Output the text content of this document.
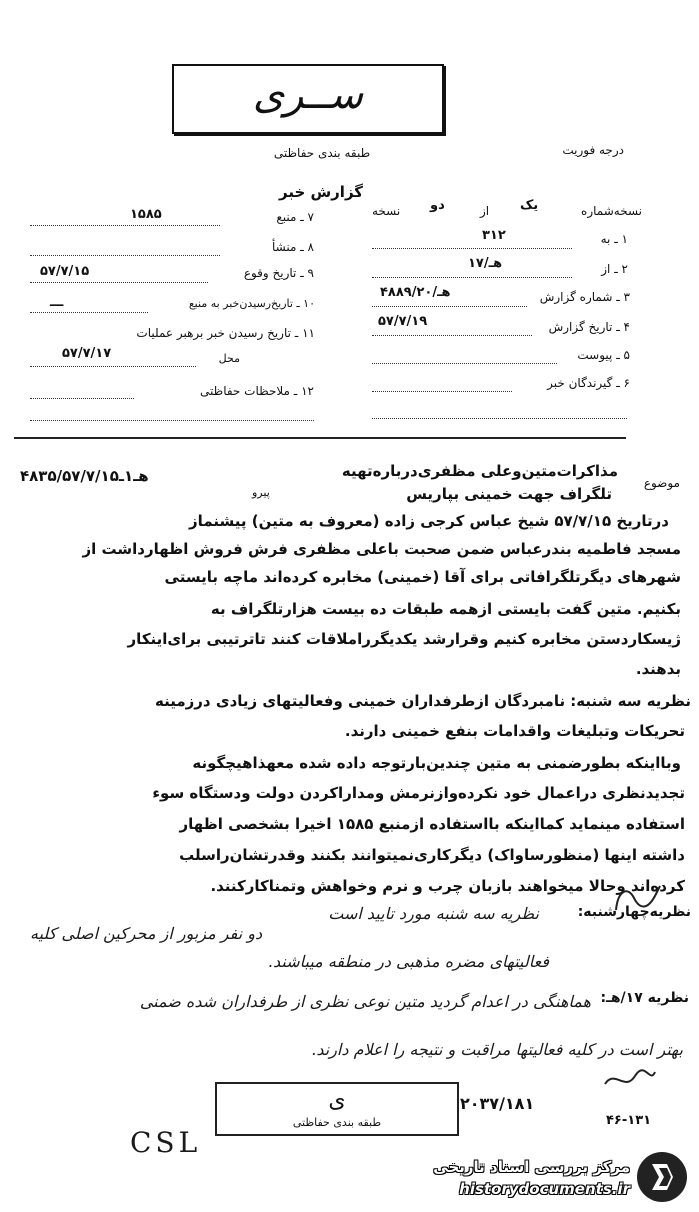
ســری
طبقه بندی حفاظتی	درجه فوریت
گزارش خبر
۷ ـ منبع
۱۵۸۵
۸ ـ منشأ
۹ ـ تاریخ وقوع
۵۷/۷/۱۵
۱۰ ـ تاریخ‌رسیدن‌خبر به منبع
ـــ
۱۱ ـ تاریخ رسیدن خبر برهبر عملیات
محل
۵۷/۷/۱۷
۱۲ ـ ملاحظات حفاظتی
نسخه‌شماره
یک
از
دو
نسخه
۱ ـ به
۳۱۲
۲ ـ از
۱۷/هـ
۳ ـ شماره گزارش
۴۸۸۹/۲۰/هـ
۴ ـ تاریخ گزارش
۵۷/۷/۱۹
۵ ـ پیوست
۶ ـ گیرندگان خبر
موضوع
مذاکرات‌متین‌وعلی مظفری‌درباره‌تهیه
تلگراف جهت خمینی بپاریس
۴۸۳۵/هـ۱ـ۵۷/۷/۱۵
پیرو
درتاریخ ۵۷/۷/۱۵ شیخ عباس کرجی زاده (معروف به متین) پیشنماز
مسجد فاطمیه بندرعباس ضمن صحبت باعلی مظفری فرش فروش اظهارداشت از
شهرهای دیگرتلگرافاتی برای آقا (خمینی) مخابره کرده‌اند ماچه بایستی
بکنیم. متین گفت بایستی ازهمه طبقات ده بیست هزارتلگراف به
ژیسکاردستن مخابره کنیم وقرارشد یکدیگرراملاقات کنند تاترتیبی برای‌اینکار
بدهند.
نظریه سه شنبه: نامبردگان ازطرفداران خمینی وفعالیتهای زیادی درزمینه
تحریکات وتبلیغات واقدامات بنفع خمینی دارند.
وبااینکه بطورضمنی به متین چندین‌بارتوجه داده شده معهذاهیچگونه
تجدیدنظری دراعمال خود نکرده‌وازنرمش ومداراکردن دولت ودستگاه سوء
استفاده مینماید کمااینکه بااستفاده ازمنبع ۱۵۸۵ اخیرا بشخصی اظهار
داشته اینها (منظورساواک) دیگرکاری‌نمیتوانند بکنند وقدرتشان‌راسلب
کرده‌اند وحالا میخواهند بازبان چرب و نرم وخواهش وتمناکارکنند.
نظریه‌چهارشنبه:
نظریه سه شنبه مورد تایید است
دو نفر مزبور از محرکین اصلی کلیه
فعالیتهای مضره مذهبی در منطقه میباشند.
نظریه ۱۷/هـ:
هماهنگی در اعدام گردید متین نوعی نظری از طرفداران شده ضمنی
بهتر است در کلیه فعالیتها مراقبت و نتیجه را اعلام دارند.
ی
طبقه بندی حفاظتی
۲۰۳۷/۱۸۱
۴۶-۱۳۱
CSL
مرکز بررسی اسناد تاریخی
historydocuments.ir
